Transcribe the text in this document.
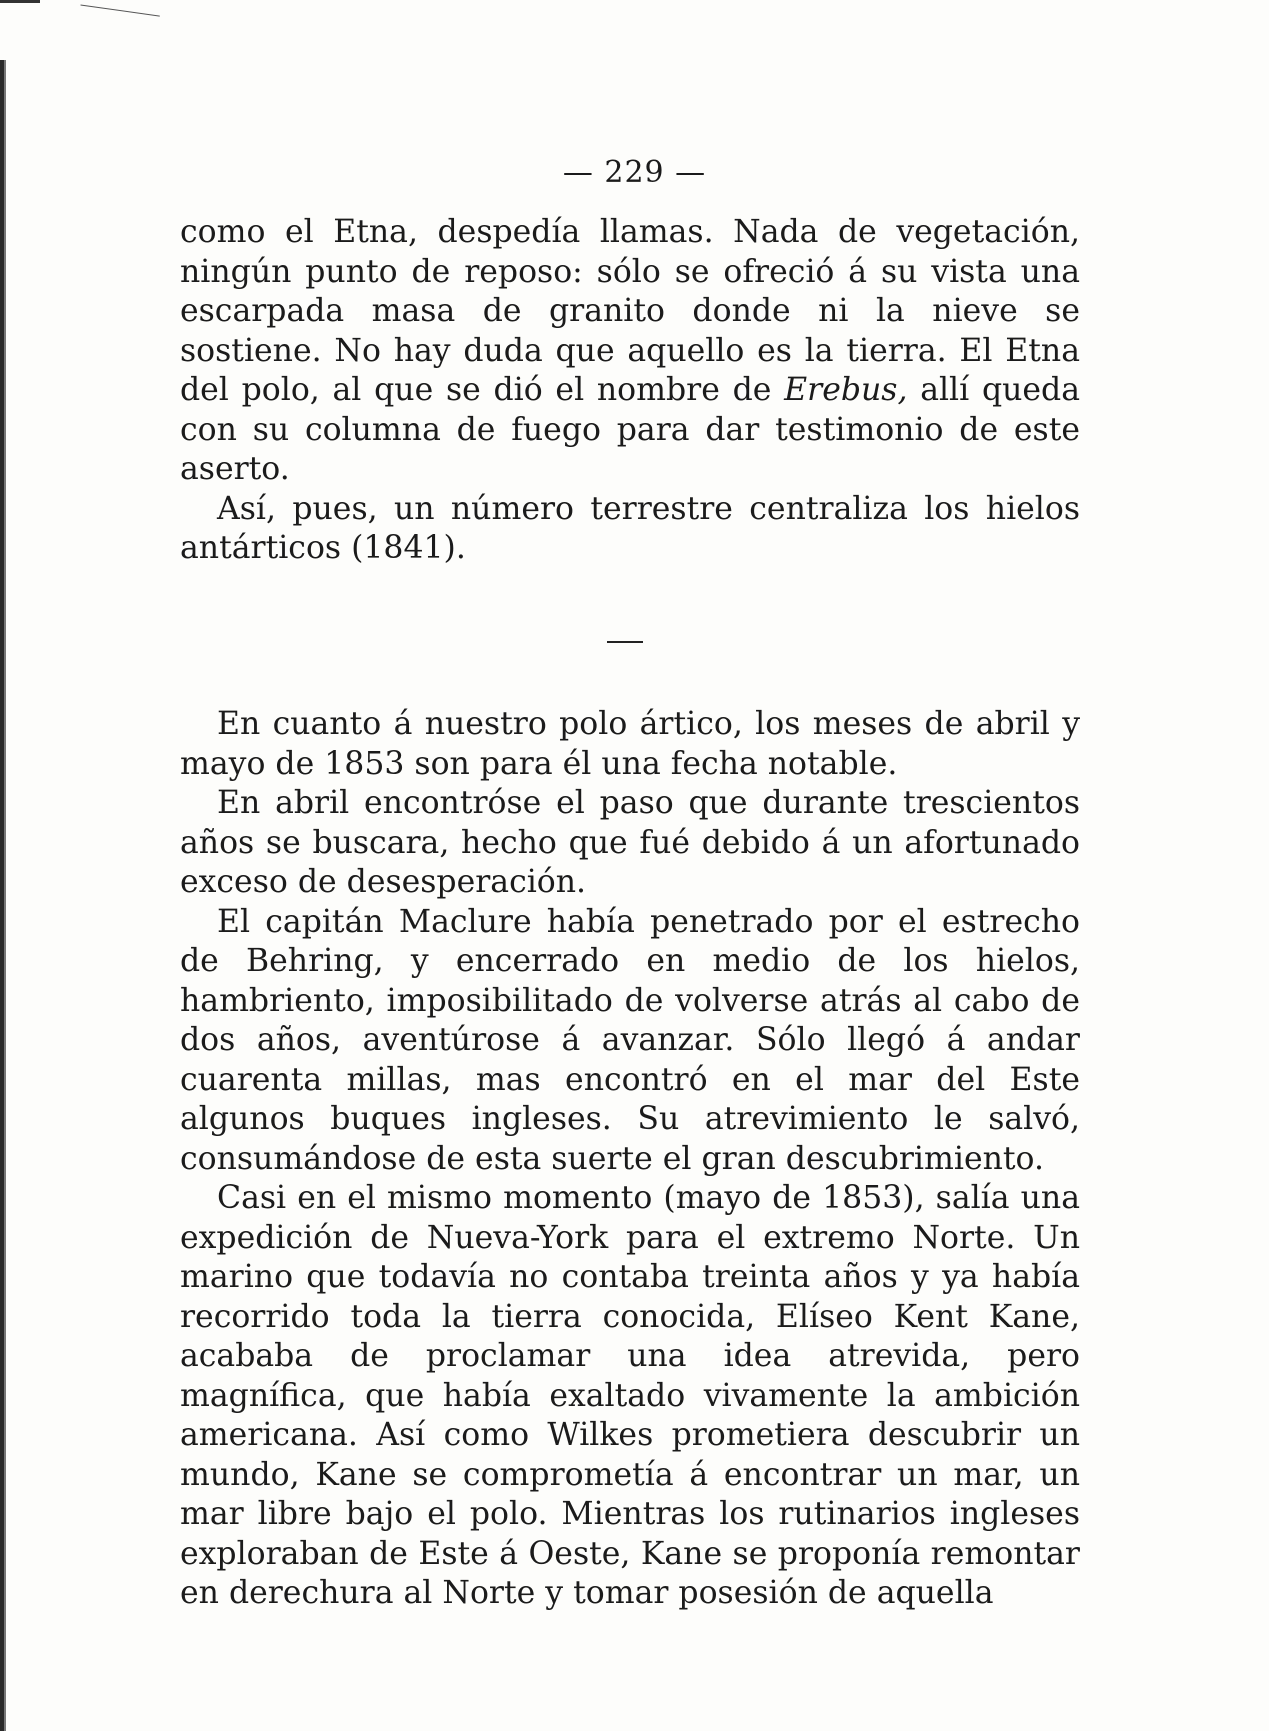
— 229 —

como el Etna, despedía llamas. Nada de vegetación, ningún punto de reposo: sólo se ofreció á su vista una escarpada masa de granito donde ni la nieve se sostiene. No hay duda que aquello es la tierra. El Etna del polo, al que se dió el nombre de Erebus, allí queda con su columna de fuego para dar testimonio de este aserto.

Así, pues, un número terrestre centraliza los hielos antárticos (1841).

En cuanto á nuestro polo ártico, los meses de abril y mayo de 1853 son para él una fecha notable.

En abril encontróse el paso que durante trescientos años se buscara, hecho que fué debido á un afortunado exceso de desesperación.

El capitán Maclure había penetrado por el estrecho de Behring, y encerrado en medio de los hielos, hambriento, imposibilitado de volverse atrás al cabo de dos años, aventúrose á avanzar. Sólo llegó á andar cuarenta millas, mas encontró en el mar del Este algunos buques ingleses. Su atrevimiento le salvó, consumándose de esta suerte el gran descubrimiento.

Casi en el mismo momento (mayo de 1853), salía una expedición de Nueva-York para el extremo Norte. Un marino que todavía no contaba treinta años y ya había recorrido toda la tierra conocida, Elíseo Kent Kane, acababa de proclamar una idea atrevida, pero magnífica, que había exaltado vivamente la ambición americana. Así como Wilkes prometiera descubrir un mundo, Kane se comprometía á encontrar un mar, un mar libre bajo el polo. Mientras los rutinarios ingleses exploraban de Este á Oeste, Kane se proponía remontar en derechura al Norte y tomar posesión de aquella
